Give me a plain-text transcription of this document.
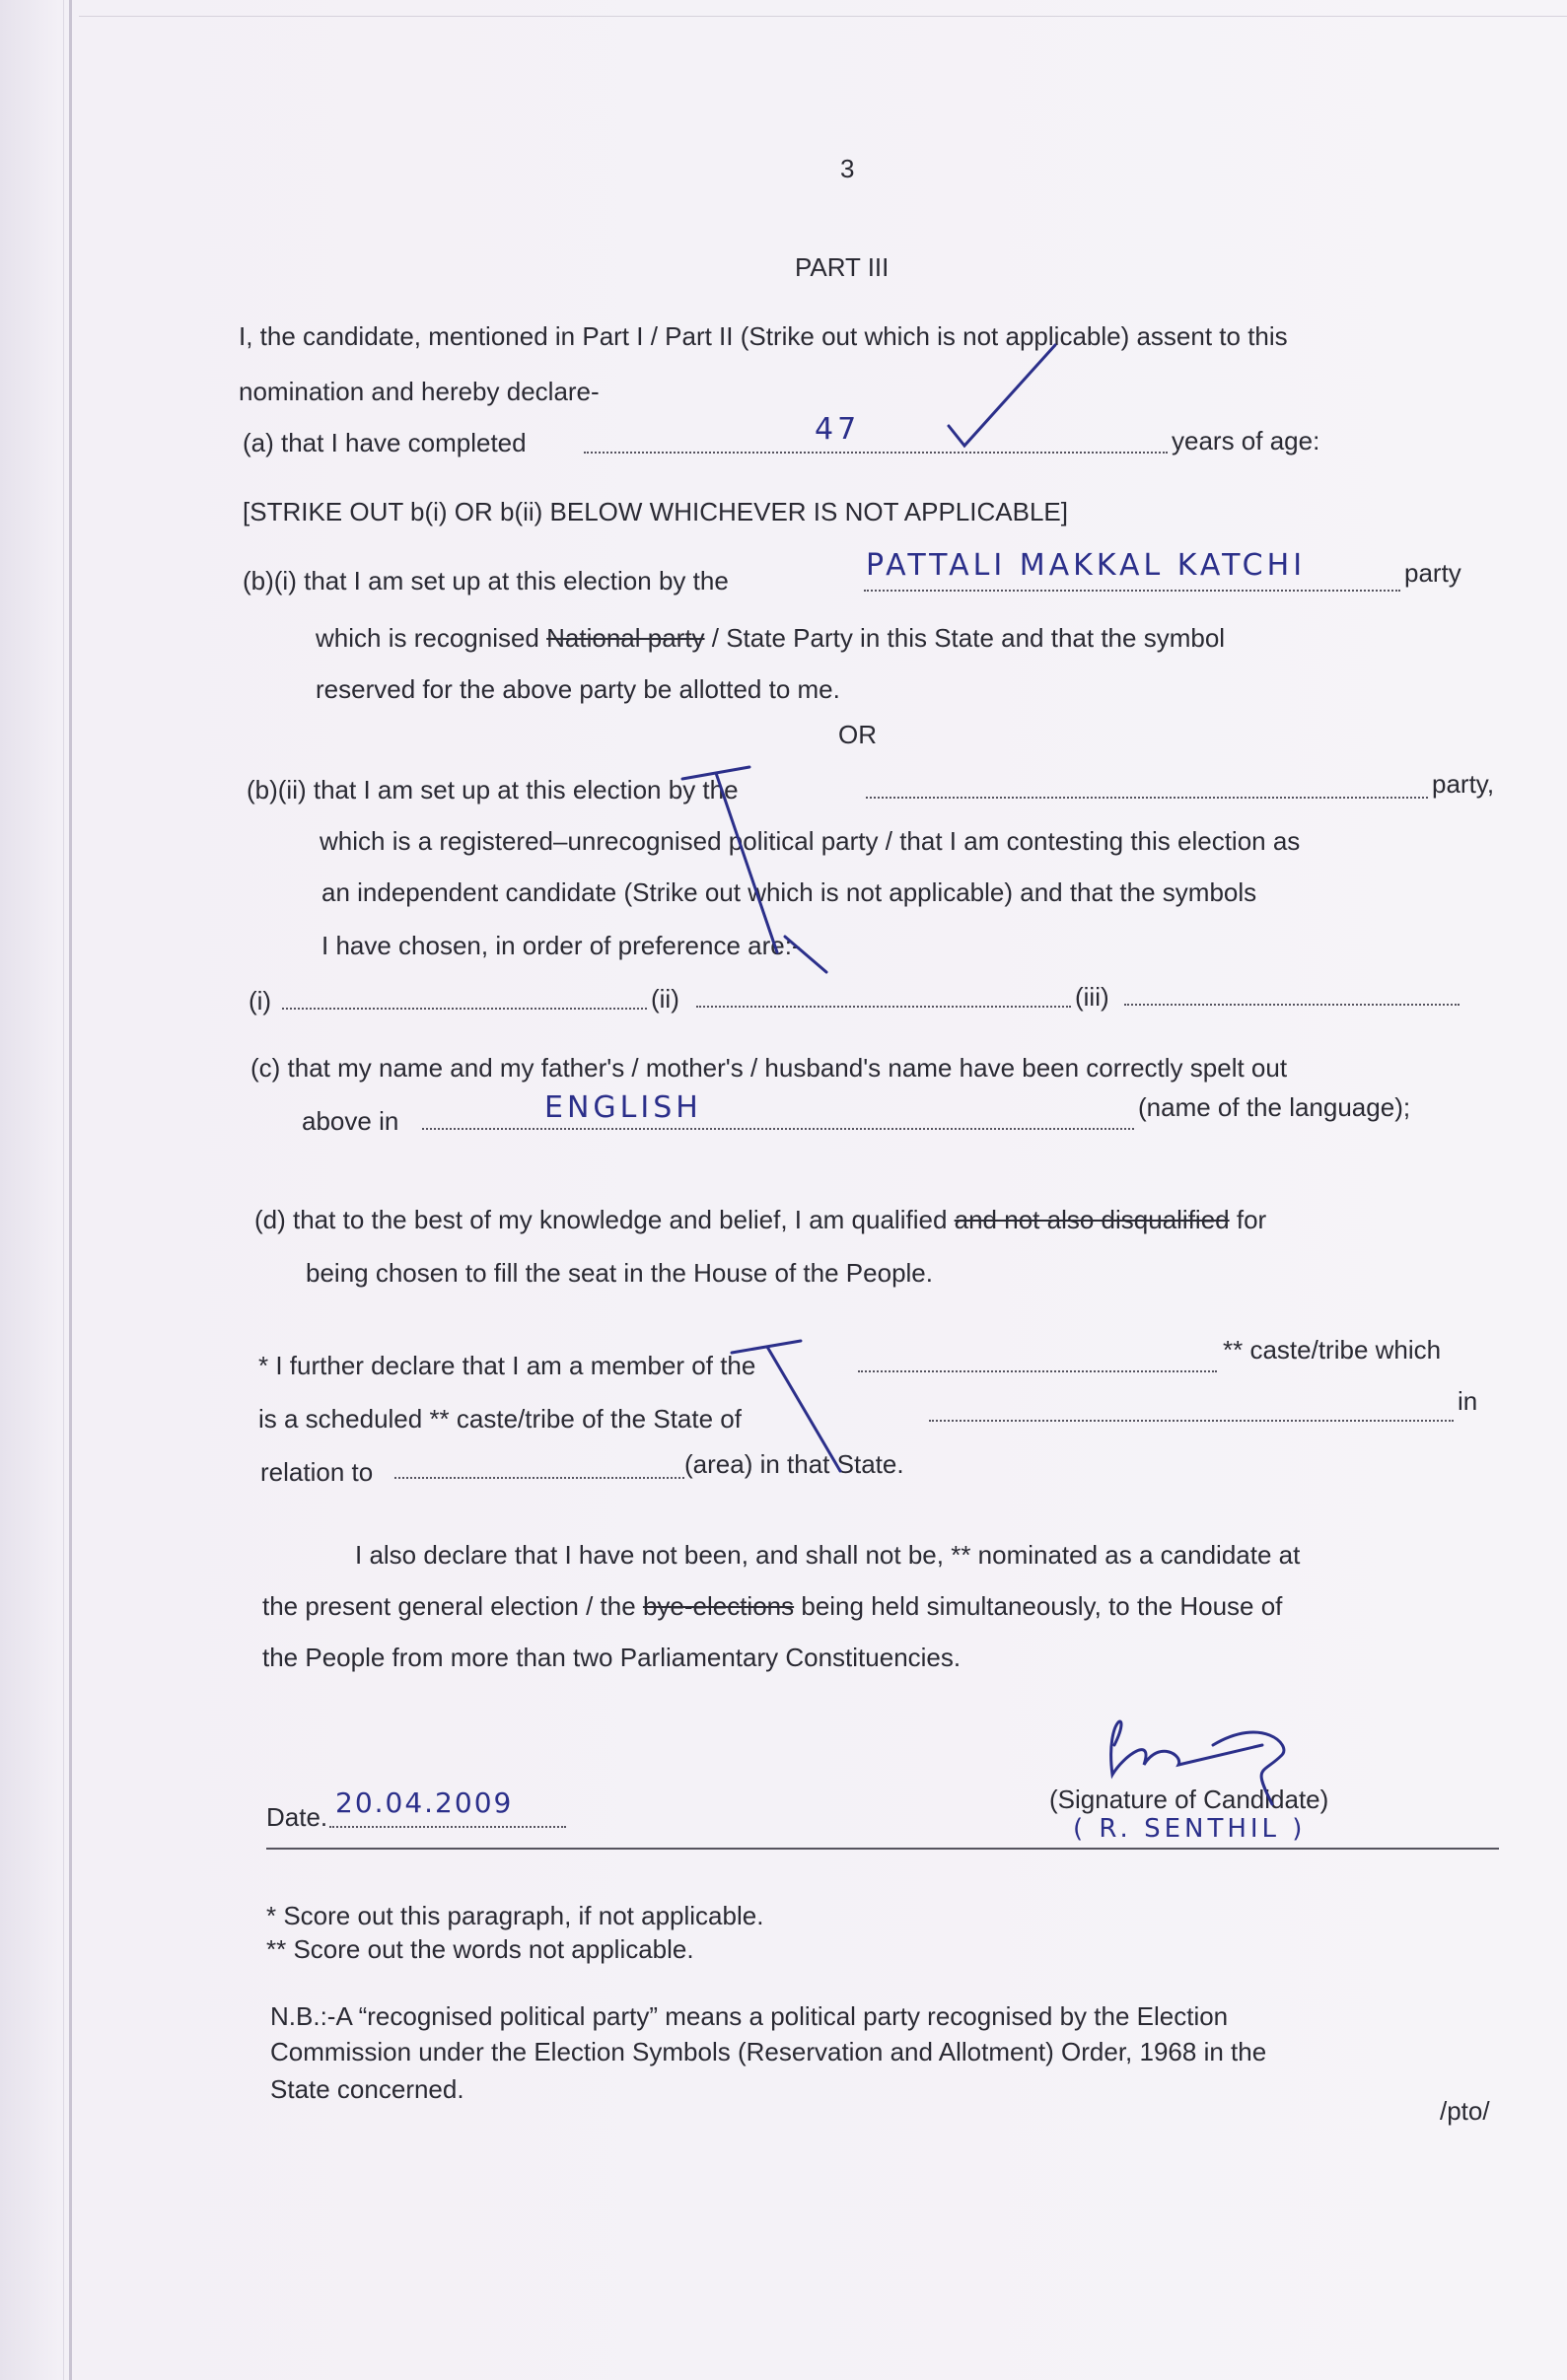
3
PART III
I, the candidate, mentioned in Part I / Part II (Strike out which is not applicable) assent to this
nomination and hereby declare-
(a) that I have completed	47	years of age:
[STRIKE OUT b(i) OR b(ii) BELOW WHICHEVER IS NOT APPLICABLE]
(b)(i) that I am set up at this election by the	PATTALI MAKKAL KATCHI	party
which is recognised National party / State Party in this State and that the symbol
reserved for the above party be allotted to me.
OR
(b)(ii) that I am set up at this election by the	party,
which is a registered–unrecognised political party / that I am contesting this election as
an independent candidate (Strike out which is not applicable) and that the symbols
I have chosen, in order of preference are:-
(i)	(ii)	(iii)
(c) that my name and my father's / mother's / husband's name have been correctly spelt out
above in	ENGLISH	(name of the language);
(d) that to the best of my knowledge and belief, I am qualified and not also disqualified for
being chosen to fill the seat in the House of the People.
* I further declare that I am a member of the
** caste/tribe which
is a scheduled ** caste/tribe of the State of
in
relation to	(area) in that State.
I also declare that I have not been, and shall not be, ** nominated as a candidate at
the present general election / the bye-elections being held simultaneously, to the House of
the People from more than two Parliamentary Constituencies.
Date. 20.04.2009	(Signature of Candidate)
( R. SENTHIL )
* Score out this paragraph, if not applicable.
** Score out the words not applicable.
N.B.:-A “recognised political party” means a political party recognised by the Election
Commission under the Election Symbols (Reservation and Allotment) Order, 1968 in the
State concerned.
/pto/
